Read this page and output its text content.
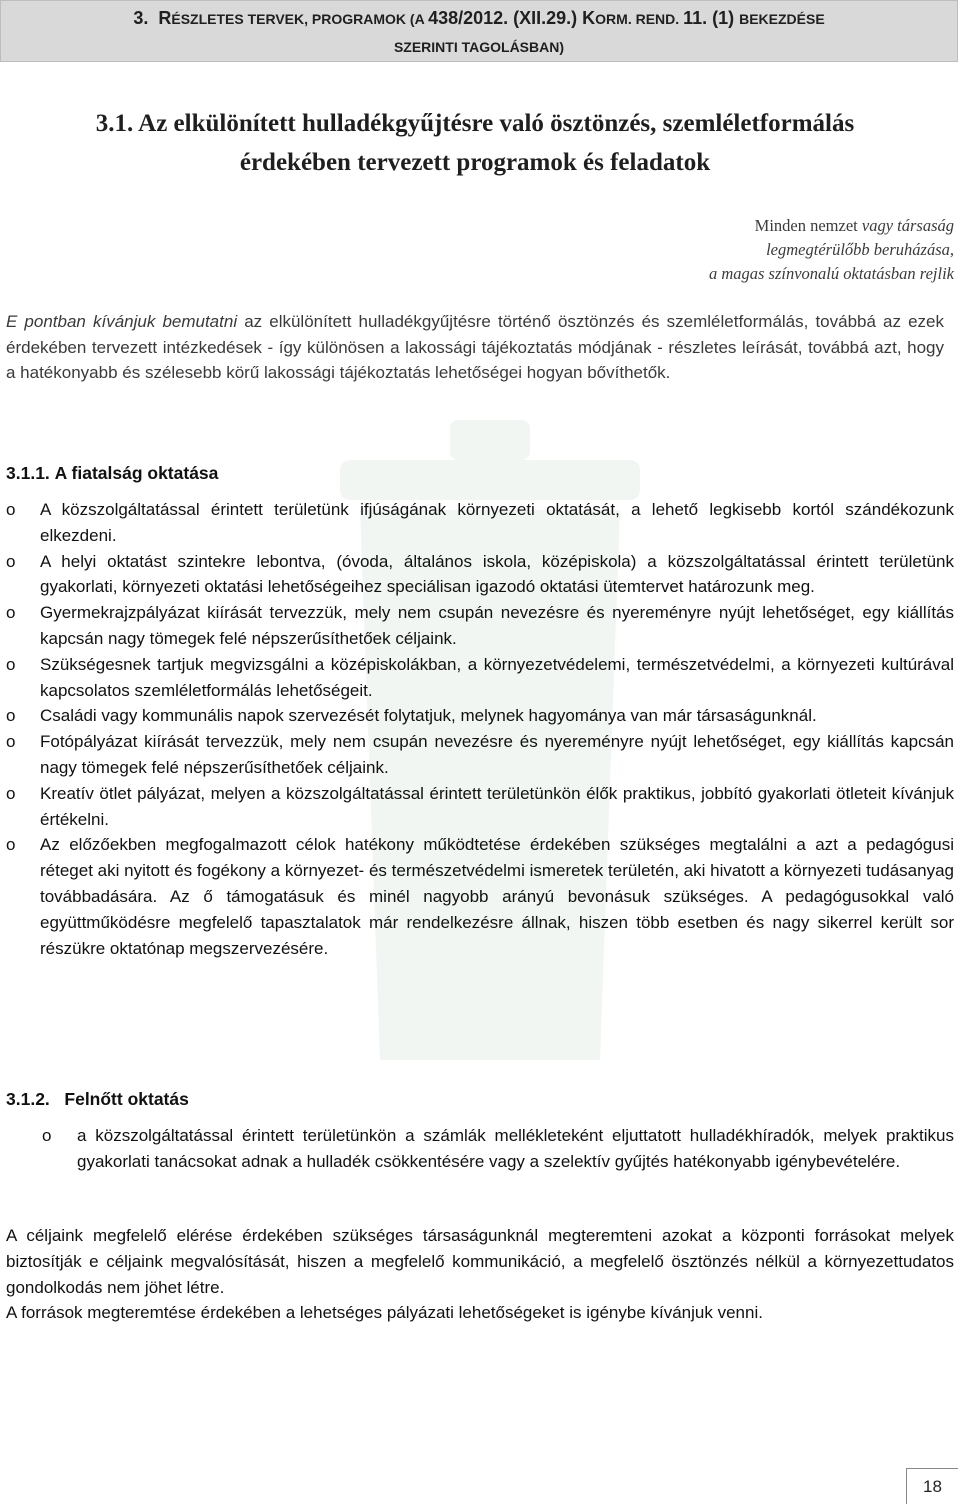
3. RÉSZLETES TERVEK, PROGRAMOK (A 438/2012. (XII.29.) KORM. REND. 11. (1) BEKEZDÉSE
SZERINTI TAGOLÁSBAN)
3.1. Az elkülönített hulladékgyűjtésre való ösztönzés, szemléletformálás
érdekében tervezett programok és feladatok
Minden nemzet vagy társaság
legmegtérülőbb beruházása,
a magas színvonalú oktatásban rejlik
E pontban kívánjuk bemutatni az elkülönített hulladékgyűjtésre történő ösztönzés és szemléletformálás, továbbá az ezek érdekében tervezett intézkedések - így különösen a lakossági tájékoztatás módjának - részletes leírását, továbbá azt, hogy a hatékonyabb és szélesebb körű lakossági tájékoztatás lehetőségei hogyan bővíthetők.
3.1.1. A fiatalság oktatása
o A közszolgáltatással érintett területünk ifjúságának környezeti oktatását, a lehető legkisebb kortól szándékozunk elkezdeni.
o A helyi oktatást szintekre lebontva, (óvoda, általános iskola, középiskola) a közszolgáltatással érintett területünk gyakorlati, környezeti oktatási lehetőségeihez speciálisan igazodó oktatási ütemtervet határozunk meg.
o Gyermekrajzpályázat kiírását tervezzük, mely nem csupán nevezésre és nyereményre nyújt lehetőséget, egy kiállítás kapcsán nagy tömegek felé népszerűsíthetőek céljaink.
o Szükségesnek tartjuk megvizsgálni a középiskolákban, a környezetvédelemi, természetvédelmi, a környezeti kultúrával kapcsolatos szemléletformálás lehetőségeit.
o Családi vagy kommunális napok szervezését folytatjuk, melynek hagyománya van már társaságunknál.
o Fotópályázat kiírását tervezzük, mely nem csupán nevezésre és nyereményre nyújt lehetőséget, egy kiállítás kapcsán nagy tömegek felé népszerűsíthetőek céljaink.
o Kreatív ötlet pályázat, melyen a közszolgáltatással érintett területünkön élők praktikus, jobbító gyakorlati ötleteit kívánjuk értékelni.
o Az előzőekben megfogalmazott célok hatékony működtetése érdekében szükséges megtalálni a azt a pedagógusi réteget aki nyitott és fogékony a környezet- és természetvédelmi ismeretek területén, aki hivatott a környezeti tudásanyag továbbadására. Az ő támogatásuk és minél nagyobb arányú bevonásuk szükséges. A pedagógusokkal való együttműködésre megfelelő tapasztalatok már rendelkezésre állnak, hiszen több esetben és nagy sikerrel került sor részükre oktatónap megszervezésére.
3.1.2. Felnőtt oktatás
o a közszolgáltatással érintett területünkön a számlák mellékleteként eljuttatott hulladékhíradók, melyek praktikus gyakorlati tanácsokat adnak a hulladék csökkentésére vagy a szelektív gyűjtés hatékonyabb igénybevételére.

A céljaink megfelelő elérése érdekében szükséges társaságunknál megteremteni azokat a központi forrásokat melyek biztosítják e céljaink megvalósítását, hiszen a megfelelő kommunikáció, a megfelelő ösztönzés nélkül a környezettudatos gondolkodás nem jöhet létre.

A források megteremtése érdekében a lehetséges pályázati lehetőségeket is igénybe kívánjuk venni.

18
